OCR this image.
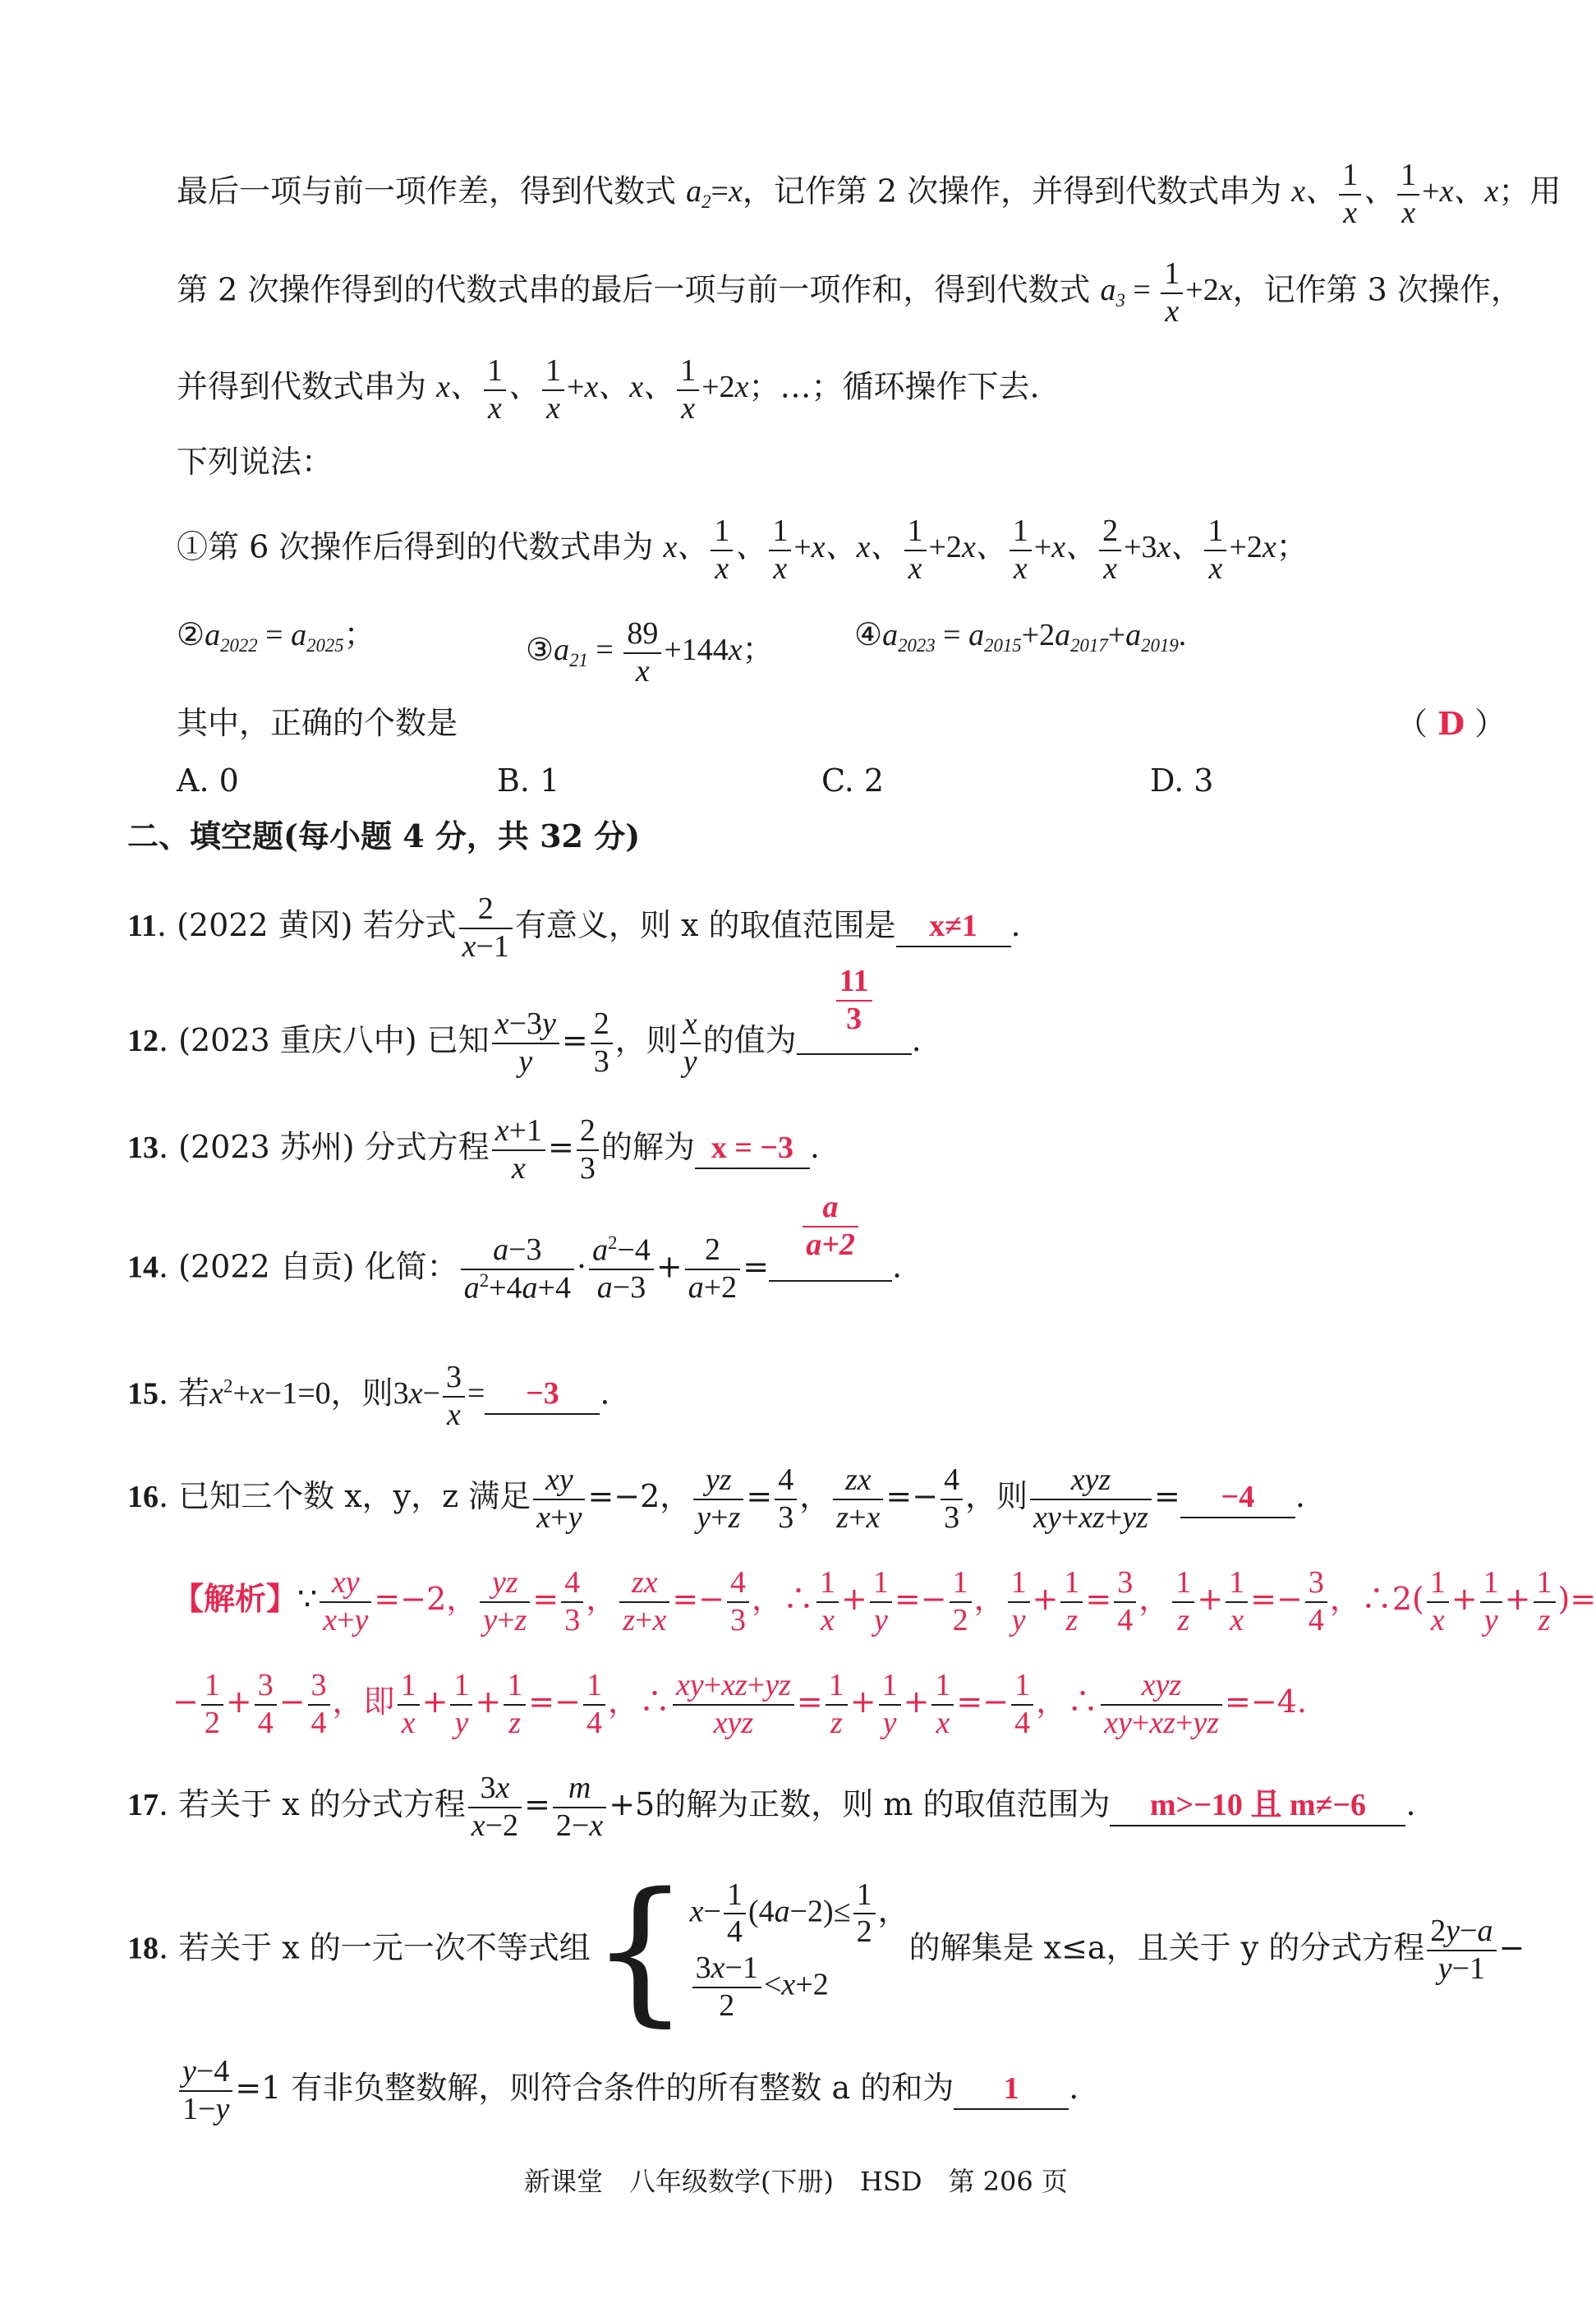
最后一项与前一项作差，得到代数式 $a_2=x$，记作第 2 次操作，并得到代数式串为 x、 $\frac{1}{x}$ 、 $\frac{1}{x} +x$、x；用
第 2 次操作得到的代数式串的最后一项与前一项作和，得到代数式 $a_3 = \frac{1}{x} +2x$，记作第 3 次操作，
并得到代数式串为 x、 $\frac{1}{x}$ 、 $\frac{1}{x} +x$、x、 $\frac{1}{x} +2x$；…；循环操作下去.
下列说法：
①第 6 次操作后得到的代数式串为 x、 $\frac{1}{x}$ 、 $\frac{1}{x} +x$、x、 $\frac{1}{x} +2x$、 $\frac{1}{x} +x$、 $\frac{2}{x} +3x$、 $\frac{1}{x} +2x$；
$②a_{2022} = a_{2025}$；	$③a_{21} = \frac{89}{x} +144x$；	$④a_{2023} = a_{2015}+2a_{2017}+a_{2019}$.
其中，正确的个数是	（ D ）
A. 0	B. 1	C. 2	D. 3
二、填空题(每小题 4 分，共 32 分)
11. (2022 黄冈) 若分式 $\frac{2}{x-1}$ 有意义，则 x 的取值范围是 x≠1 .
12. (2023 重庆八中) 已知 $\frac{x-3y}{y} = \frac{2}{3}$ ，则 $\frac{x}{y}$ 的值为
$\frac{11}{3}$
.
13. (2023 苏州) 分式方程 $\frac{x+1}{x} = \frac{2}{3}$ 的解为 x = −3 .
14. (2022 自贡) 化简： $\frac{a-3}{a^2+4a+4} \cdot \frac{a^2-4}{a-3} + \frac{2}{a+2}$ =
$\frac{a}{a+2}$
.
15. 若$x^2+x-1=0$，则$3x- \frac{3}{x} = -3$ .
16. 已知三个数 x，y，z 满足 $\frac{xy}{x+y} =-2$， $\frac{yz}{y+z} = \frac{4}{3}$ ， $\frac{zx}{z+x} =- \frac{4}{3}$ ，则 $\frac{\text{xyz}}{xy+xz+yz} = -4$ .
【解析】∵ $\frac{xy}{x+y} =-2$， $\frac{yz}{y+z} = \frac{4}{3}$ ， $\frac{zx}{z+x} =- \frac{4}{3}$ ，∴ $\frac{1}{x} + \frac{1}{y} =- \frac{1}{2}$ ， $\frac{1}{y} + \frac{1}{z} = \frac{3}{4}$ ， $\frac{1}{z} + \frac{1}{x} =- \frac{3}{4}$ ，∴2( $\frac{1}{x} + \frac{1}{y} + \frac{1}{z}$ )=
− $\frac{1}{2} + \frac{3}{4} - \frac{3}{4}$ ，即 $\frac{1}{x} + \frac{1}{y} + \frac{1}{z} =- \frac{1}{4}$ ，∴ $\frac{xy+xz+yz}{\text{xyz}} = \frac{1}{z} + \frac{1}{y} + \frac{1}{x} =- \frac{1}{4}$ ，∴ $\frac{\text{xyz}}{xy+xz+yz} =-4$.
17. 若关于 x 的分式方程 $\frac{3x}{x-2} = \frac{m}{2-x} +5$的解为正数，则 m 的取值范围为 m>−10 且 m≠−6 .
18. 若关于 x 的一元一次不等式组{ $x- \frac{1}{4} (4a-2)\le \frac{1}{2}$ ，
$\frac{3x-1}{2} <x+2$
的解集是 x≤a，且关于 y 的分式方程 $\frac{2y-a}{y-1}$ −
$\frac{y-4}{1-y} =1$ 有非负整数解，则符合条件的所有整数 a 的和为 1 .
新课堂　八年级数学(下册)　HSD　第 206 页
